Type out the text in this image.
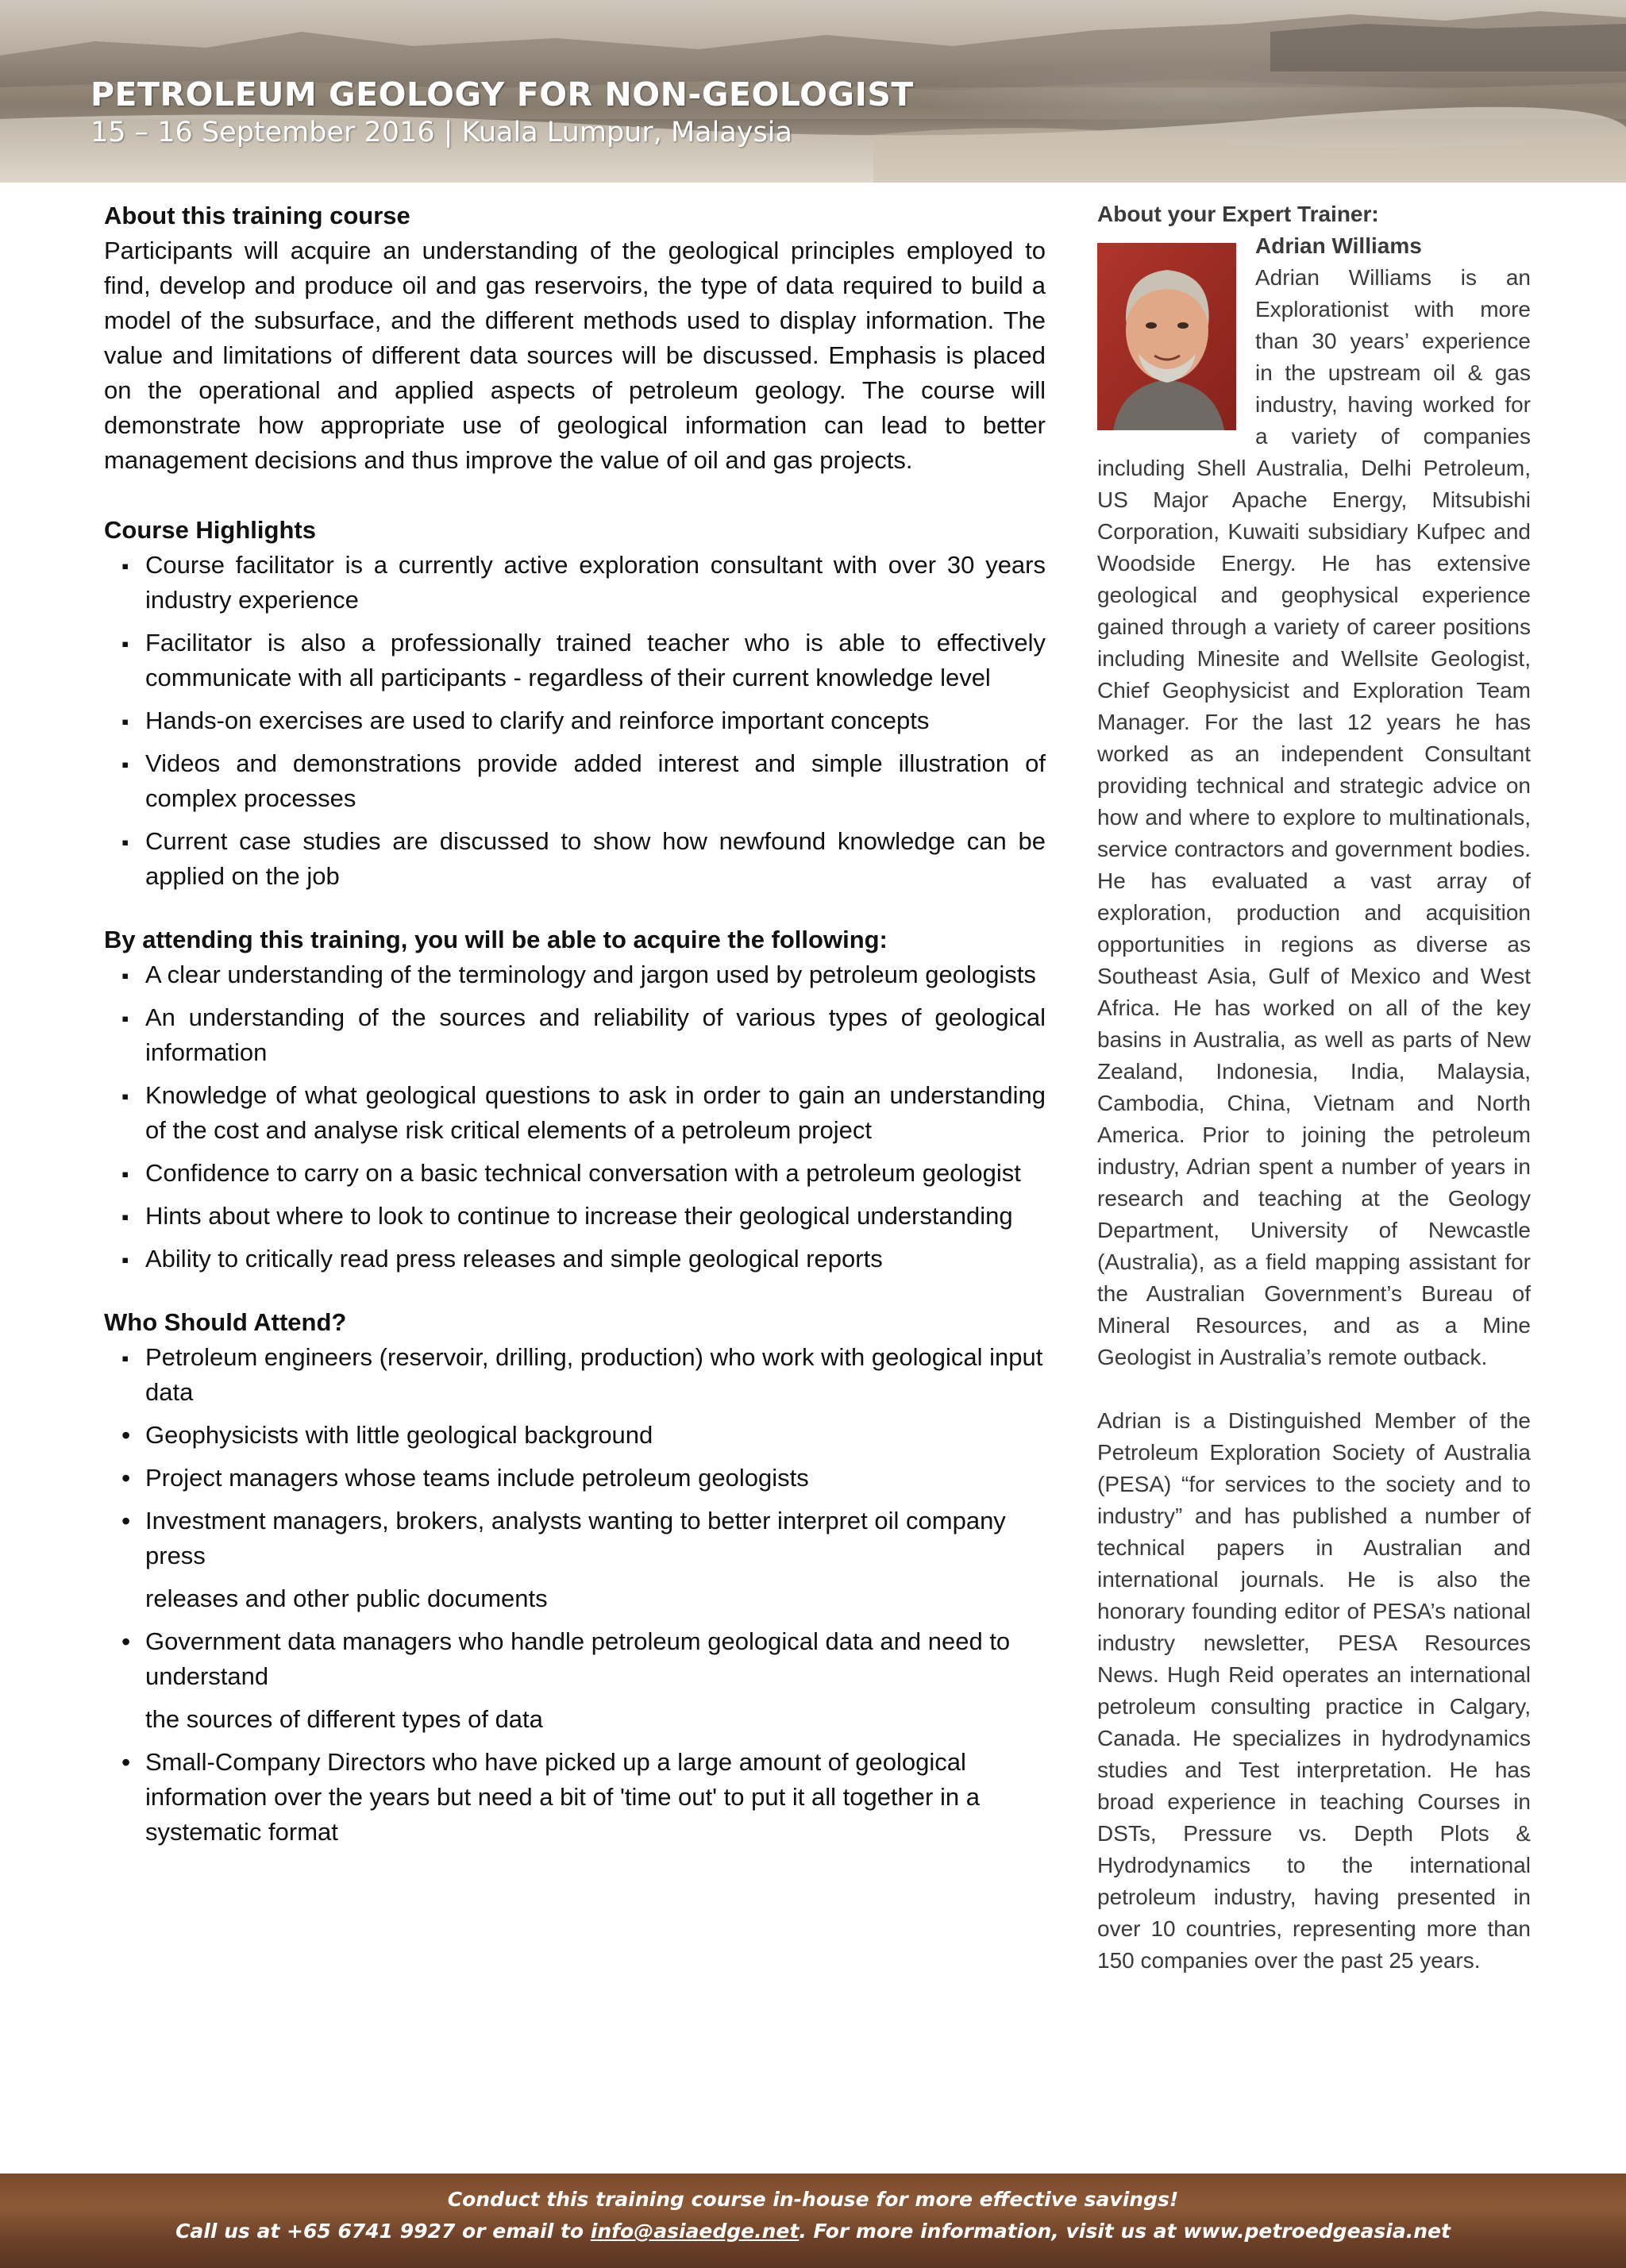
PETROLEUM GEOLOGY FOR NON-GEOLOGIST

15 – 16 September 2016 | Kuala Lumpur, Malaysia

About this training course

Participants will acquire an understanding of the geological principles employed to find, develop and produce oil and gas reservoirs, the type of data required to build a model of the subsurface, and the different methods used to display information. The value and limitations of different data sources will be discussed. Emphasis is placed on the operational and applied aspects of petroleum geology. The course will demonstrate how appropriate use of geological information can lead to better management decisions and thus improve the value of oil and gas projects.

Course Highlights
▪
Course facilitator is a currently active exploration consultant with over 30 years industry experience
▪
Facilitator is also a professionally trained teacher who is able to effectively communicate with all participants - regardless of their current knowledge level
▪
Hands-on exercises are used to clarify and reinforce important concepts
▪
Videos and demonstrations provide added interest and simple illustration of complex processes
▪
Current case studies are discussed to show how newfound knowledge can be applied on the job
By attending this training, you will be able to acquire the following:
▪
A clear understanding of the terminology and jargon used by petroleum geologists
▪
An understanding of the sources and reliability of various types of geological information
▪
Knowledge of what geological questions to ask in order to gain an understanding of the cost and analyse risk critical elements of a petroleum project
▪
Confidence to carry on a basic technical conversation with a petroleum geologist
▪
Hints about where to look to continue to increase their geological understanding
▪
Ability to critically read press releases and simple geological reports
Who Should Attend?
▪
Petroleum engineers (reservoir, drilling, production) who work with geological input data
•
Geophysicists with little geological background
•
Project managers whose teams include petroleum geologists
•
Investment managers, brokers, analysts wanting to better interpret oil company press
releases and other public documents
•
Government data managers who handle petroleum geological data and need to understand
the sources of different types of data
•
Small-Company Directors who have picked up a large amount of geological information over the years but need a bit of 'time out' to put it all together in a systematic format
About your Expert Trainer:

Adrian Williams

Adrian Williams is an Explorationist with more than 30 years’ experience in the upstream oil & gas industry, having worked for a variety of companies including Shell Australia, Delhi Petroleum, US Major Apache Energy, Mitsubishi Corporation, Kuwaiti subsidiary Kufpec and Woodside Energy. He has extensive geological and geophysical experience gained through a variety of career positions including Minesite and Wellsite Geologist, Chief Geophysicist and Exploration Team Manager. For the last 12 years he has worked as an independent Consultant providing technical and strategic advice on how and where to explore to multinationals, service contractors and government bodies. He has evaluated a vast array of exploration, production and acquisition opportunities in regions as diverse as Southeast Asia, Gulf of Mexico and West Africa. He has worked on all of the key basins in Australia, as well as parts of New Zealand, Indonesia, India, Malaysia, Cambodia, China, Vietnam and North America. Prior to joining the petroleum industry, Adrian spent a number of years in research and teaching at the Geology Department, University of Newcastle (Australia), as a field mapping assistant for the Australian Government’s Bureau of Mineral Resources, and as a Mine Geologist in Australia’s remote outback.

Adrian is a Distinguished Member of the Petroleum Exploration Society of Australia (PESA) “for services to the society and to industry” and has published a number of technical papers in Australian and international journals. He is also the honorary founding editor of PESA’s national industry newsletter, PESA Resources News. Hugh Reid operates an international petroleum consulting practice in Calgary, Canada. He specializes in hydrodynamics studies and Test interpretation. He has broad experience in teaching Courses in DSTs, Pressure vs. Depth Plots & Hydrodynamics to the international petroleum industry, having presented in over 10 countries, representing more than 150 companies over the past 25 years.

Conduct this training course in-house for more effective savings!
Call us at +65 6741 9927 or email to info@asiaedge.net. For more information, visit us at www.petroedgeasia.net
